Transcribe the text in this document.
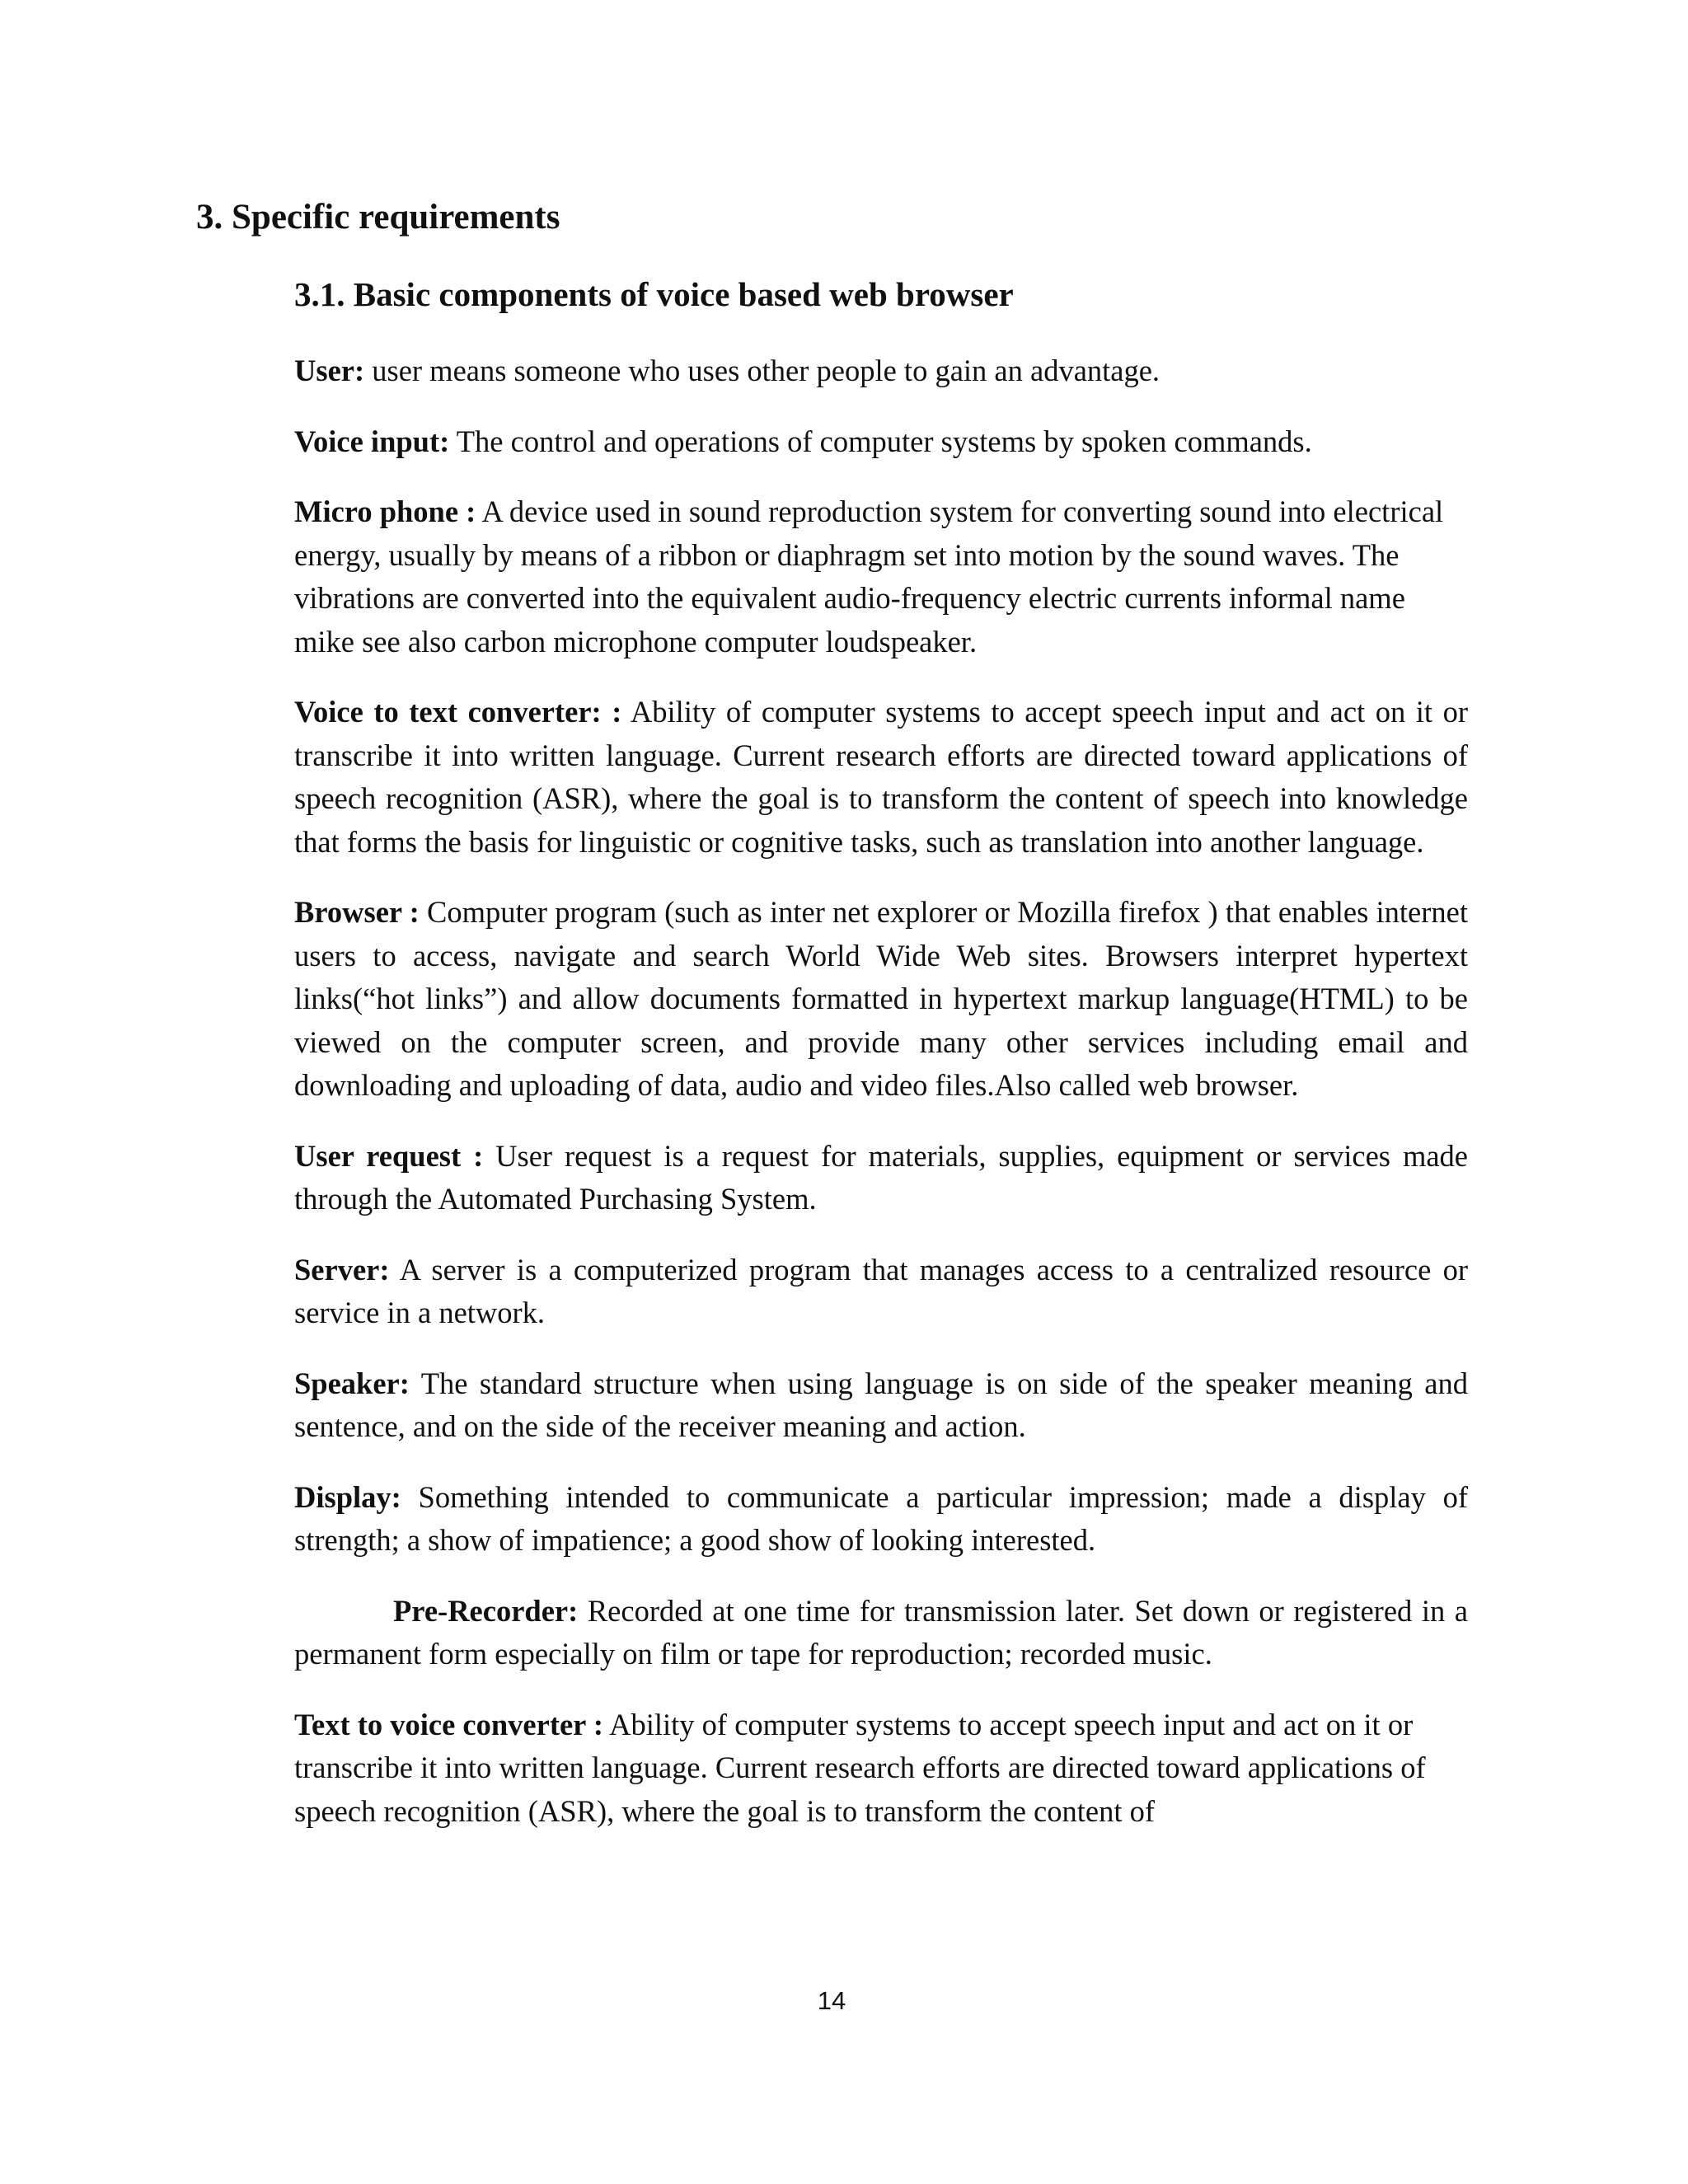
3. Specific requirements
3.1. Basic components of voice based web browser

User: user means someone who uses other people to gain an advantage.

Voice input: The control and operations of computer systems by spoken commands.

Micro phone : A device used in sound reproduction system for converting sound into electrical energy, usually by means of a ribbon or diaphragm set into motion by the sound waves. The vibrations are converted into the equivalent audio-frequency electric currents informal name mike see also carbon microphone computer loudspeaker.

Voice to text converter: : Ability of computer systems to accept speech input and act on it or transcribe it into written language. Current research efforts are directed toward applications of speech recognition (ASR), where the goal is to transform the content of speech into knowledge that forms the basis for linguistic or cognitive tasks, such as translation into another language.

Browser : Computer program (such as inter net explorer or Mozilla firefox ) that enables internet users to access, navigate and search World Wide Web sites. Browsers interpret hypertext links(“hot links”) and allow documents formatted in hypertext markup language(HTML) to be viewed on the computer screen, and provide many other services including email and downloading and uploading of data, audio and video files.Also called web browser.

User request : User request is a request for materials, supplies, equipment or services made through the Automated Purchasing System.

Server: A server is a computerized program that manages access to a centralized resource or service in a network.

Speaker: The standard structure when using language is on side of the speaker meaning and sentence, and on the side of the receiver meaning and action.

Display: Something intended to communicate a particular impression; made a display of strength; a show of impatience; a good show of looking interested.

Pre-Recorder: Recorded at one time for transmission later. Set down or registered in a permanent form especially on film or tape for reproduction; recorded music.

Text to voice converter : Ability of computer systems to accept speech input and act on it or transcribe it into written language. Current research efforts are directed toward applications of speech recognition (ASR), where the goal is to transform the content of

14
